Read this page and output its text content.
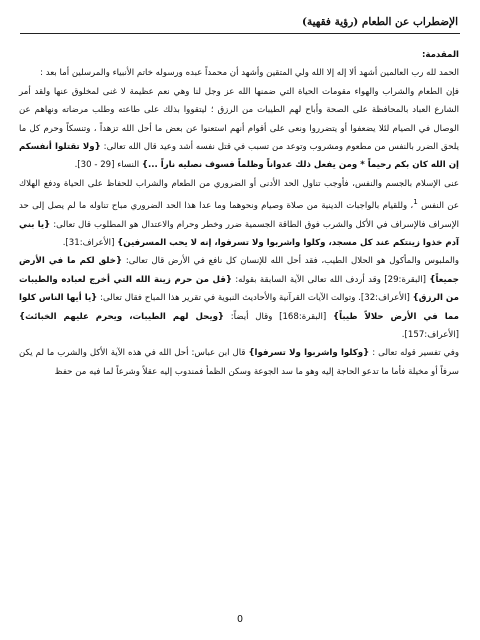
الإضطراب عن الطعام (رؤية فقهية)

المقدمة:

الحمد لله رب العالمين أشهد ألا إله إلا الله ولي المتقين وأشهد أن محمداً عبده ورسوله خاتم الأنبياء والمرسلين أما بعد :

فإن الطعام والشراب والهواء مقومات الحياة التي ضمنها الله عز وجل لنا وهي نعم عظيمة لا غنى لمخلوق عنها ولقد أمر الشارع العباد بالمحافظة على الصحة وأباح لهم الطيبات من الرزق ؛ ليتقووا بذلك على طاعته وطلب مرضاته ونهاهم عن الوصال في الصيام لئلا يضعفوا أو يتضرروا ونعى على أقوام أنهم استعنوا عن بعض ما أحل الله تزهداً ، وتنسكاً وحرم كل ما يلحق الضرر بالنفس من مطعوم ومشروب وتوعد من تسبب في قتل نفسه أشد وعيد قال الله تعالى: {ولا تقتلوا أنفسكم إن الله كان بكم رحيماً * ومن يفعل ذلك عدواناً وظلماً فسوف نصليه ناراً ...} النساء [29 - 30].

عنى الإسلام بالجسم والنفس، فأوجب تناول الحد الأدنى أو الضروري من الطعام والشراب للحفاظ على الحياة ودفع الهلاك عن النفس $^1$، وللقيام بالواجبات الدينية من صلاة وصيام ونحوهما وما عدا هذا الحد الضروري مباح تناوله ما لم يصل إلى حد الإسراف فالإسراف في الأكل والشرب فوق الطاقة الجسمية ضرر وخطر وحرام والاعتدال هو المطلوب قال تعالى: {يا بني آدم خذوا زينتكم عند كل مسجد، وكلوا واشربوا ولا تسرفوا، إنه لا يحب المسرفين} [الأعراف:31].

والملبوس والمأكول هو الحلال الطيب، فقد أحل الله للإنسان كل نافع في الأرض قال تعالى: {خلق لكم ما في الأرض جميعاً} [البقرة:29] وقد أردف الله تعالى الآية السابقة بقوله: {قل من حرم زينة الله التي أخرج لعباده والطيبات من الرزق} [الأعراف:32]. وتوالت الآيات القرآنية والأحاديث النبوية في تقرير هذا المباح فقال تعالى: {يا أيها الناس كلوا مما في الأرض حلالاً طيباً} [البقرة:168] وقال أيضاً: {ويحل لهم الطيبات، ويحرم عليهم الخبائث} [الأعراف:157].

وفي تفسير قوله تعالى : {وكلوا واشربوا ولا تسرفوا} قال ابن عباس: أحل الله في هذه الآية الأكل والشرب ما لم يكن سرفاً أو مخيلة فأما ما تدعو الحاجة إليه وهو ما سد الجوعة وسكن الظمأ فمندوب إليه عقلاً وشرعاً لما فيه من حفظ

0
